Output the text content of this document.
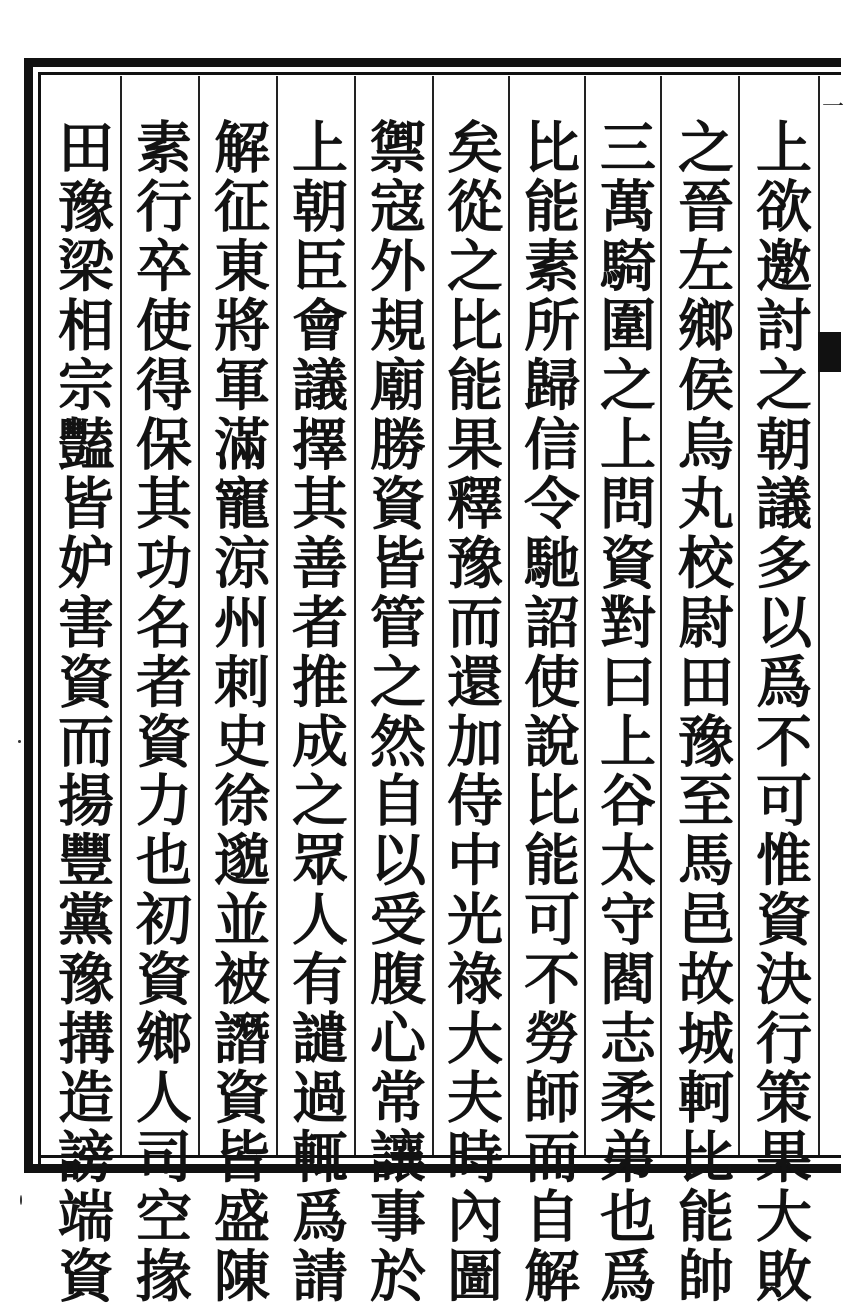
一
上欲邀討之朝議多以爲不可惟資決行策果大敗
之晉左鄉侯烏丸校尉田豫至馬邑故城軻比能帥
三萬騎圍之上問資對曰上谷太守閻志柔弟也爲
比能素所歸信令馳詔使說比能可不勞師而自解
矣從之比能果釋豫而還加侍中光祿大夫時內圖
禦寇外規廟勝資皆管之然自以受腹心常讓事於
上朝臣會議擇其善者推成之眾人有譴過輒爲請
解征東將軍滿寵涼州刺史徐邈並被譖資皆盛陳
素行卒使得保其功名者資力也初資鄉人司空掾
田豫梁相宗豔皆妒害資而揚豐黨豫搆造謗端資
